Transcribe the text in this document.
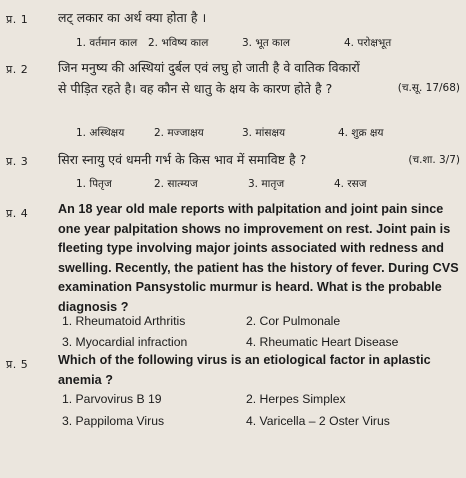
प्र. 1 लट् लकार का अर्थ क्या होता है ।
1. वर्तमान काल 2. भविष्य काल	3. भूत काल	4. परोक्षभूत
प्र. 2 जिन मनुष्य की अस्थियां दुर्बल एवं लघु हो जाती है वे वातिक विकारों से पीड़ित रहते है। वह कौन से धातु के क्षय के कारण होते है ?	(च.सू. 17/68)
1. अस्थिक्षय	2. मज्जाक्षय	3. मांसक्षय	4. शुक्र क्षय
प्र. 3 सिरा स्नायु एवं धमनी गर्भ के किस भाव में समाविष्ट है ?	(च.शा. 3/7)
1. पितृज	2. सात्म्यज	3. मातृज	4. रसज
प्र. 4 An 18 year old male reports with palpitation and joint pain since one year palpitation shows no improvement on rest. Joint pain is fleeting type involving major joints associated with redness and swelling. Recently, the patient has the history of fever. During CVS examination Pansystolic murmur is heard. What is the probable diagnosis ?
1. Rheumatoid Arthritis	2. Cor Pulmonale
3. Myocardial infraction	4. Rheumatic Heart Disease
प्र. 5 Which of the following virus is an etiological factor in aplastic anemia ?
1. Parvovirus B 19	2. Herpes Simplex
3. Pappiloma Virus	4. Varicella – 2 Oster Virus
